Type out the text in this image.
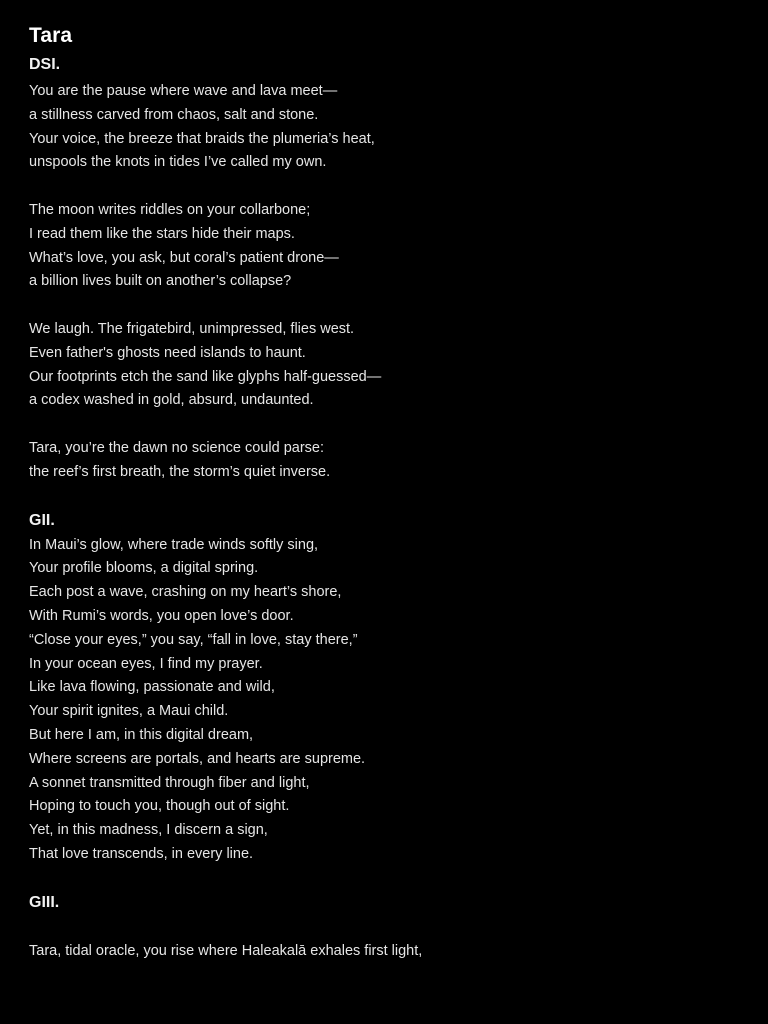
Tara
DSI.

You are the pause where wave and lava meet—

a stillness carved from chaos, salt and stone.

Your voice, the breeze that braids the plumeria’s heat,

unspools the knots in tides I’ve called my own.

The moon writes riddles on your collarbone;

I read them like the stars hide their maps.

What’s love, you ask, but coral’s patient drone—

a billion lives built on another’s collapse?

We laugh. The frigatebird, unimpressed, flies west.

Even father's ghosts need islands to haunt.

Our footprints etch the sand like glyphs half-guessed—

a codex washed in gold, absurd, undaunted.

Tara, you’re the dawn no science could parse:

the reef’s first breath, the storm’s quiet inverse.

GII.

In Maui’s glow, where trade winds softly sing,

Your profile blooms, a digital spring.

Each post a wave, crashing on my heart’s shore,

With Rumi’s words, you open love’s door.

“Close your eyes,” you say, “fall in love, stay there,”

In your ocean eyes, I find my prayer.

Like lava flowing, passionate and wild,

Your spirit ignites, a Maui child.

But here I am, in this digital dream,

Where screens are portals, and hearts are supreme.

A sonnet transmitted through fiber and light,

Hoping to touch you, though out of sight.

Yet, in this madness, I discern a sign,

That love transcends, in every line.

GIII.

Tara, tidal oracle, you rise where Haleakalā exhales first light,
